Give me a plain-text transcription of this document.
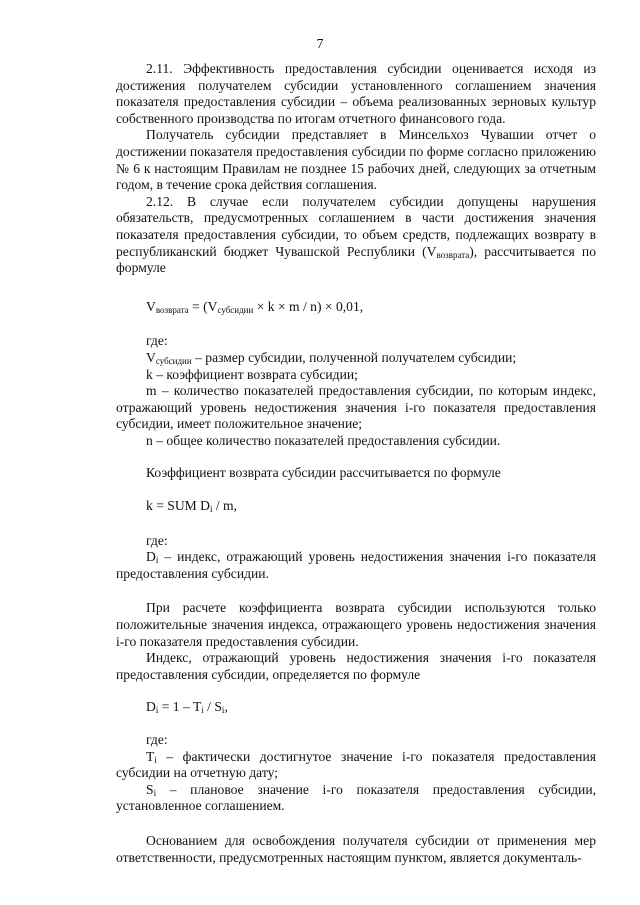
7

2.11. Эффективность предоставления субсидии оценивается исходя из достижения получателем субсидии установленного соглашением значения показателя предоставления субсидии – объема реализованных зерновых культур собственного производства по итогам отчетного финансового года.

Получатель субсидии представляет в Минсельхоз Чувашии отчет о достижении показателя предоставления субсидии по форме согласно приложению № 6 к настоящим Правилам не позднее 15 рабочих дней, следующих за отчетным годом, в течение срока действия соглашения.

2.12. В случае если получателем субсидии допущены нарушения обязательств, предусмотренных соглашением в части достижения значения показателя предоставления субсидии, то объем средств, подлежащих возврату в республиканский бюджет Чувашской Республики $(V_{возврата})$, рассчитывается по формуле

$V_{возврата} = (V_{субсидии} \times k \times m / n) \times 0,01$,

где:

$V_{субсидии}$ – размер субсидии, полученной получателем субсидии;

k – коэффициент возврата субсидии;

m – количество показателей предоставления субсидии, по которым индекс, отражающий уровень недостижения значения i-го показателя предоставления субсидии, имеет положительное значение;

n – общее количество показателей предоставления субсидии.

Коэффициент возврата субсидии рассчитывается по формуле

k = SUM $D_i$ / m,

где:

$D_i$ – индекс, отражающий уровень недостижения значения i-го показателя предоставления субсидии.

При расчете коэффициента возврата субсидии используются только положительные значения индекса, отражающего уровень недостижения значения i-го показателя предоставления субсидии.

Индекс, отражающий уровень недостижения значения i-го показателя предоставления субсидии, определяется по формуле

$D_i = 1 - T_i / S_i$,

где:

$T_i$ – фактически достигнутое значение i-го показателя предоставления субсидии на отчетную дату;

$S_i$ – плановое значение i-го показателя предоставления субсидии, установленное соглашением.

Основанием для освобождения получателя субсидии от применения мер ответственности, предусмотренных настоящим пунктом, является документаль-
